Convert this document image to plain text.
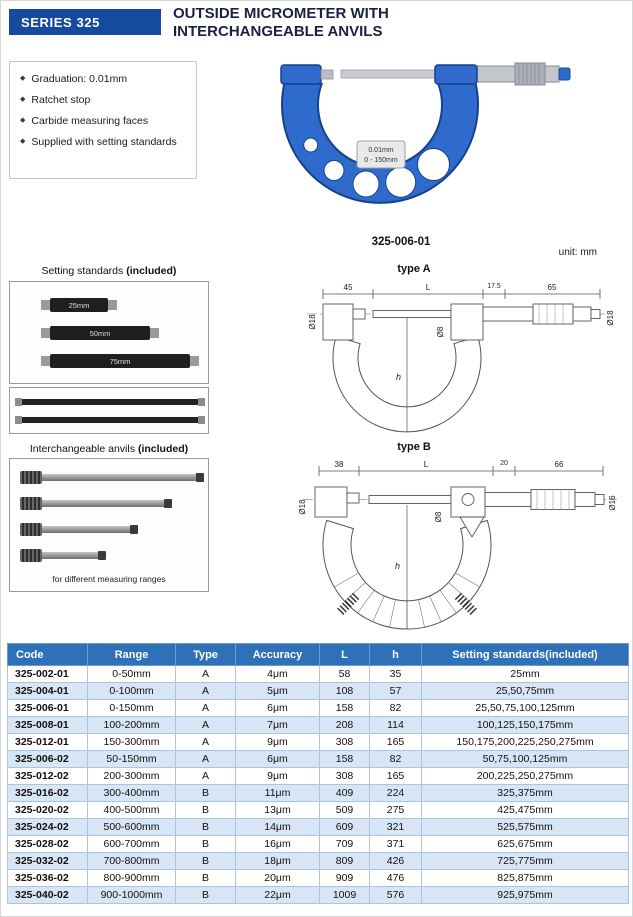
SERIES 325	OUTSIDE MICROMETER WITH
INTERCHANGEABLE ANVILS
◆ Graduation: 0.01mm
◆ Ratchet stop
◆ Carbide measuring faces
◆ Supplied with setting standards
0.01mm
0 - 150mm
325-006-01
unit: mm
Setting standards (included)
25mm
50mm
75mm
Interchangeable anvils (included)
for different measuring ranges
type A
45	L	17.5	65
h
Ø18
Ø8
Ø18
type B
38	L	20	66
h
Ø18
Ø8
Ø16
Code	Range	Type	Accuracy	L	h	Setting standards(included)
325-002-01	0-50mm	A	4μm	58	35	25mm
325-004-01	0-100mm	A	5μm	108	57	25,50,75mm
325-006-01	0-150mm	A	6μm	158	82	25,50,75,100,125mm
325-008-01	100-200mm	A	7μm	208	114	100,125,150,175mm
325-012-01	150-300mm	A	9μm	308	165	150,175,200,225,250,275mm
325-006-02	50-150mm	A	6μm	158	82	50,75,100,125mm
325-012-02	200-300mm	A	9μm	308	165	200,225,250,275mm
325-016-02	300-400mm	B	11μm	409	224	325,375mm
325-020-02	400-500mm	B	13μm	509	275	425,475mm
325-024-02	500-600mm	B	14μm	609	321	525,575mm
325-028-02	600-700mm	B	16μm	709	371	625,675mm
325-032-02	700-800mm	B	18μm	809	426	725,775mm
325-036-02	800-900mm	B	20μm	909	476	825,875mm
325-040-02	900-1000mm	B	22μm	1009	576	925,975mm
